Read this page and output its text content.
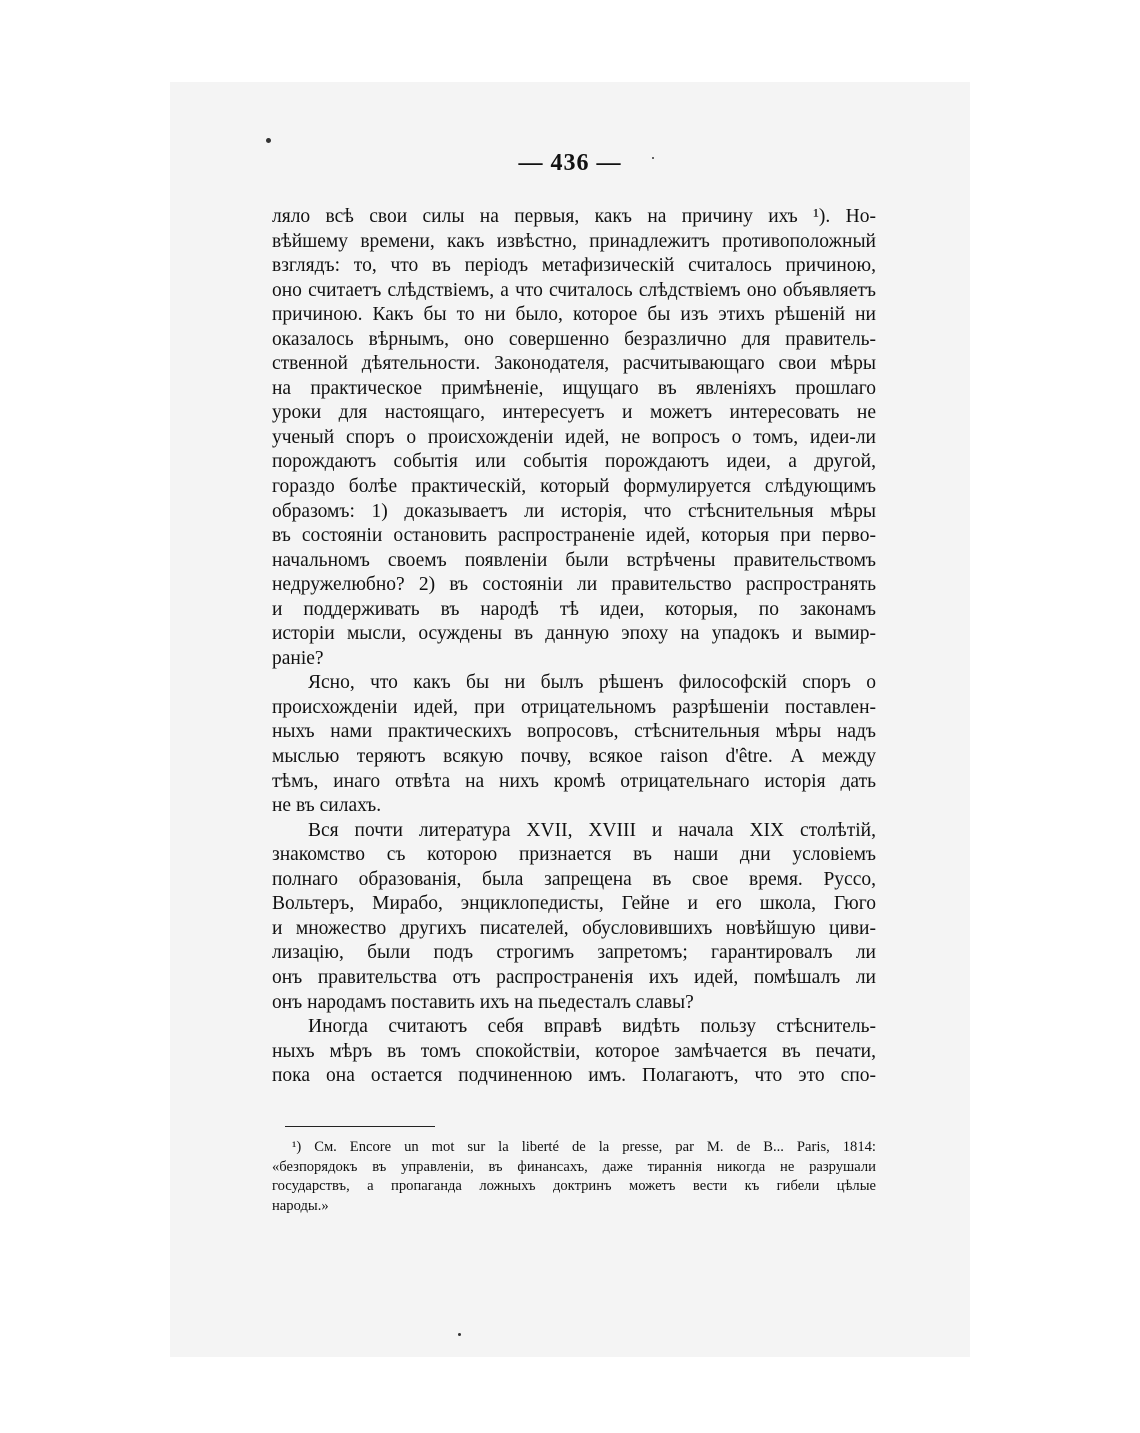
— 436 —
ляло всѣ свои силы на первыя, какъ на причину ихъ ¹). Но-
вѣйшему времени, какъ извѣстно, принадлежитъ противоположный
взглядъ: то, что въ періодъ метафизическій считалось причиною,
оно считаетъ слѣдствіемъ, а что считалось слѣдствіемъ оно объявляетъ
причиною. Какъ бы то ни было, которое бы изъ этихъ рѣшеній ни
оказалось вѣрнымъ, оно совершенно безразлично для правитель-
ственной дѣятельности. Законодателя, расчитывающаго свои мѣры
на практическое примѣненіе, ищущаго въ явленіяхъ прошлаго
уроки для настоящаго, интересуетъ и можетъ интересовать не
ученый споръ о происхожденіи идей, не вопросъ о томъ, идеи-ли
порождаютъ событія или событія порождаютъ идеи, а другой,
гораздо болѣе практическій, который формулируется слѣдующимъ
образомъ: 1) доказываетъ ли исторія, что стѣснительныя мѣры
въ состояніи остановить распространеніе идей, которыя при перво-
начальномъ своемъ появленіи были встрѣчены правительствомъ
недружелюбно? 2) въ состояніи ли правительство распространять
и поддерживать въ народѣ тѣ идеи, которыя, по законамъ
исторіи мысли, осуждены въ данную эпоху на упадокъ и вымир-
раніе?
Ясно, что какъ бы ни былъ рѣшенъ философскій споръ о
происхожденіи идей, при отрицательномъ разрѣшеніи поставлен-
ныхъ нами практическихъ вопросовъ, стѣснительныя мѣры надъ
мыслью теряютъ всякую почву, всякое raison d'être. А между
тѣмъ, инаго отвѣта на нихъ кромѣ отрицательнаго исторія дать
не въ силахъ.
Вся почти литература XVII, XVIII и начала XIX столѣтій,
знакомство съ которою признается въ наши дни условіемъ
полнаго образованія, была запрещена въ свое время. Руссо,
Вольтеръ, Мирабо, энциклопедисты, Гейне и его школа, Гюго
и множество другихъ писателей, обусловившихъ новѣйшую циви-
лизацію, были подъ строгимъ запретомъ; гарантировалъ ли
онъ правительства отъ распространенія ихъ идей, помѣшалъ ли
онъ народамъ поставить ихъ на пьедесталъ славы?
Иногда считаютъ себя вправѣ видѣть пользу стѣснитель-
ныхъ мѣръ въ томъ спокойствіи, которое замѣчается въ печати,
пока она остается подчиненною имъ. Полагаютъ, что это спо-
¹) См. Encore un mot sur la liberté de la presse, par M. de B... Paris, 1814:
«безпорядокъ въ управленіи, въ финансахъ, даже тираннія никогда не разрушали
государствъ, а пропаганда ложныхъ доктринъ можетъ вести къ гибели цѣлые
народы.»
